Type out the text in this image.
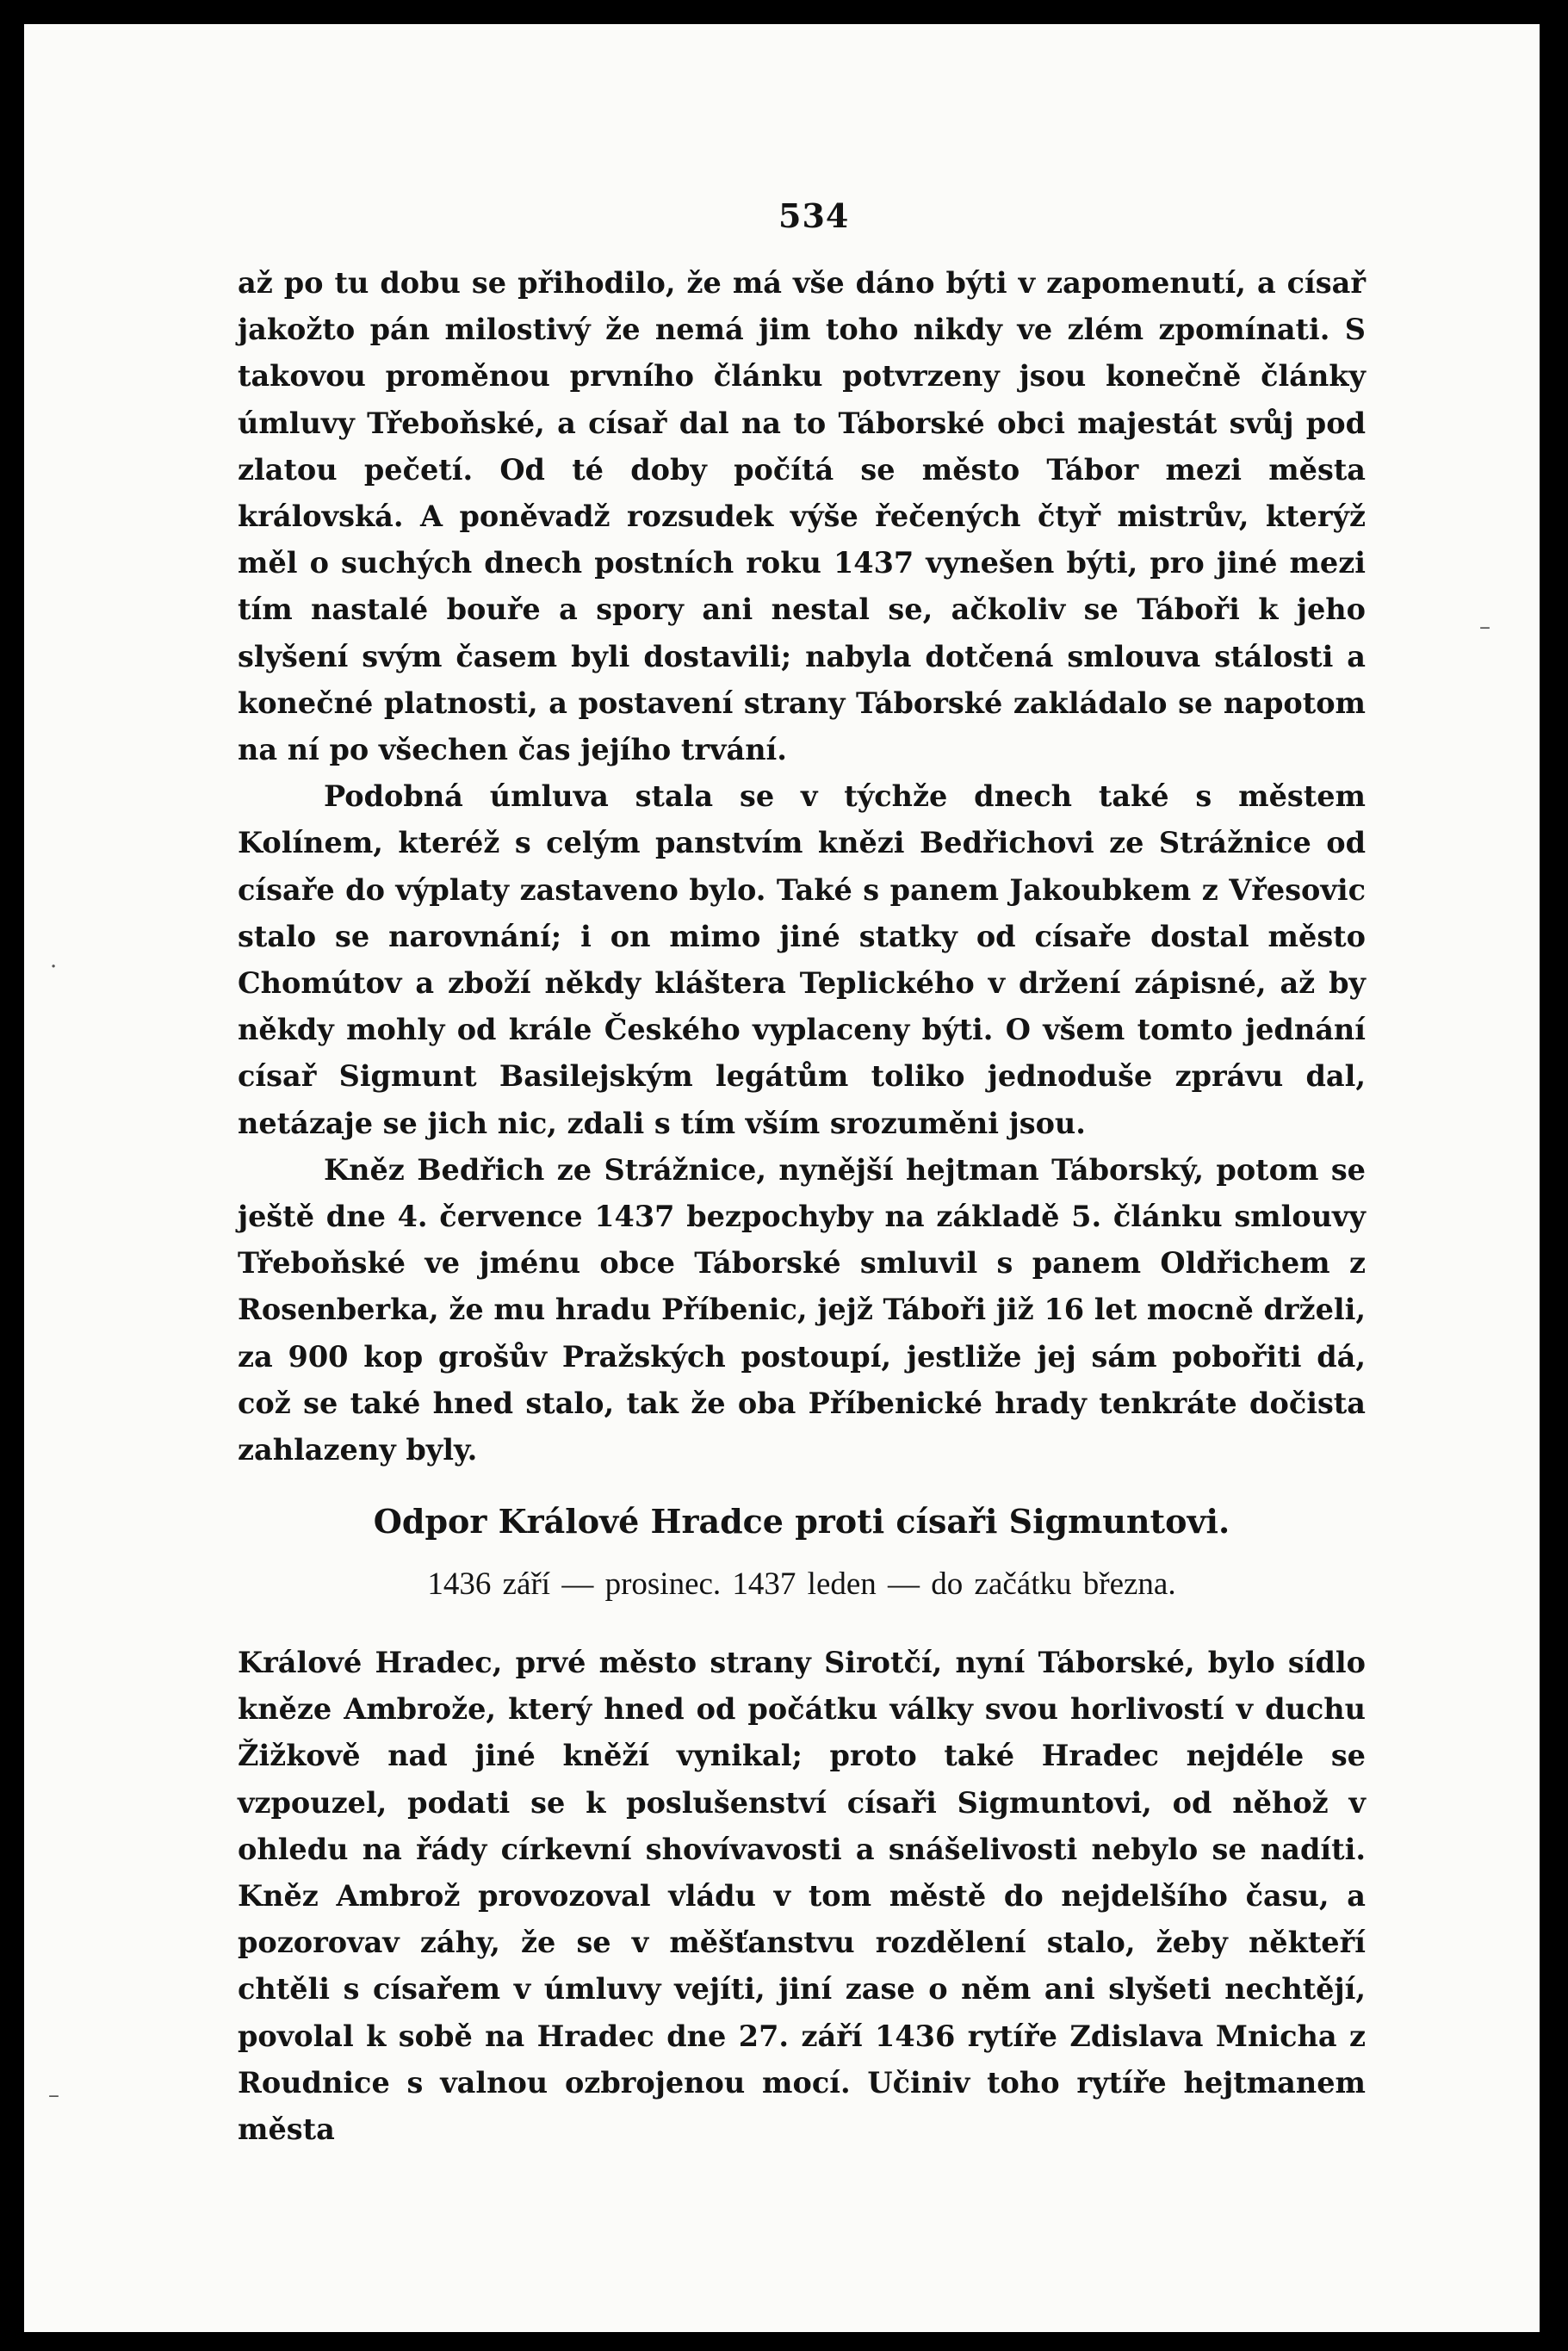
534

až po tu dobu se přihodilo, že má vše dáno býti v zapomenutí, a císař jakožto pán milostivý že nemá jim toho nikdy ve zlém zpomínati. S takovou proměnou prvního článku potvrzeny jsou konečně články úmluvy Třeboňské, a císař dal na to Táborské obci majestát svůj pod zlatou pečetí. Od té doby počítá se město Tábor mezi města královská. A poněvadž rozsudek výše řečených čtyř mistrův, kterýž měl o suchých dnech postních roku 1437 vynešen býti, pro jiné mezi tím nastalé bouře a spory ani nestal se, ačkoliv se Táboři k jeho slyšení svým časem byli dostavili; nabyla dotčená smlouva stálosti a konečné platnosti, a postavení strany Táborské zakládalo se napotom na ní po všechen čas jejího trvání.

Podobná úmluva stala se v týchže dnech také s městem Kolínem, kteréž s celým panstvím knězi Bedřichovi ze Strážnice od císaře do výplaty zastaveno bylo. Také s panem Jakoubkem z Vřesovic stalo se narovnání; i on mimo jiné statky od císaře dostal město Chomútov a zboží někdy kláštera Teplického v držení zápisné, až by někdy mohly od krále Českého vyplaceny býti. O všem tomto jednání císař Sigmunt Basilejským legátům toliko jednoduše zprávu dal, netázaje se jich nic, zdali s tím vším srozuměni jsou.

Kněz Bedřich ze Strážnice, nynější hejtman Táborský, potom se ještě dne 4. července 1437 bezpochyby na základě 5. článku smlouvy Třeboňské ve jménu obce Táborské smluvil s panem Oldřichem z Rosenberka, že mu hradu Příbenic, jejž Táboři již 16 let mocně drželi, za 900 kop grošův Pražských postoupí, jestliže jej sám pobořiti dá, což se také hned stalo, tak že oba Příbenické hrady tenkráte dočista zahlazeny byly.

Odpor Králové Hradce proti císaři Sigmuntovi.
1436 září — prosinec. 1437 leden — do začátku března.

Králové Hradec, prvé město strany Sirotčí, nyní Táborské, bylo sídlo kněze Ambrože, který hned od počátku války svou horlivostí v duchu Žižkově nad jiné kněží vynikal; proto také Hradec nejdéle se vzpouzel, podati se k poslušenství císaři Sigmuntovi, od něhož v ohledu na řády církevní shovívavosti a snášelivosti nebylo se nadíti. Kněz Ambrož provozoval vládu v tom městě do nejdelšího času, a pozorovav záhy, že se v měšťanstvu rozdělení stalo, žeby někteří chtěli s císařem v úmluvy vejíti, jiní zase o něm ani slyšeti nechtějí, povolal k sobě na Hradec dne 27. září 1436 rytíře Zdislava Mnicha z Roudnice s valnou ozbrojenou mocí. Učiniv toho rytíře hejtmanem města

–
·
–
